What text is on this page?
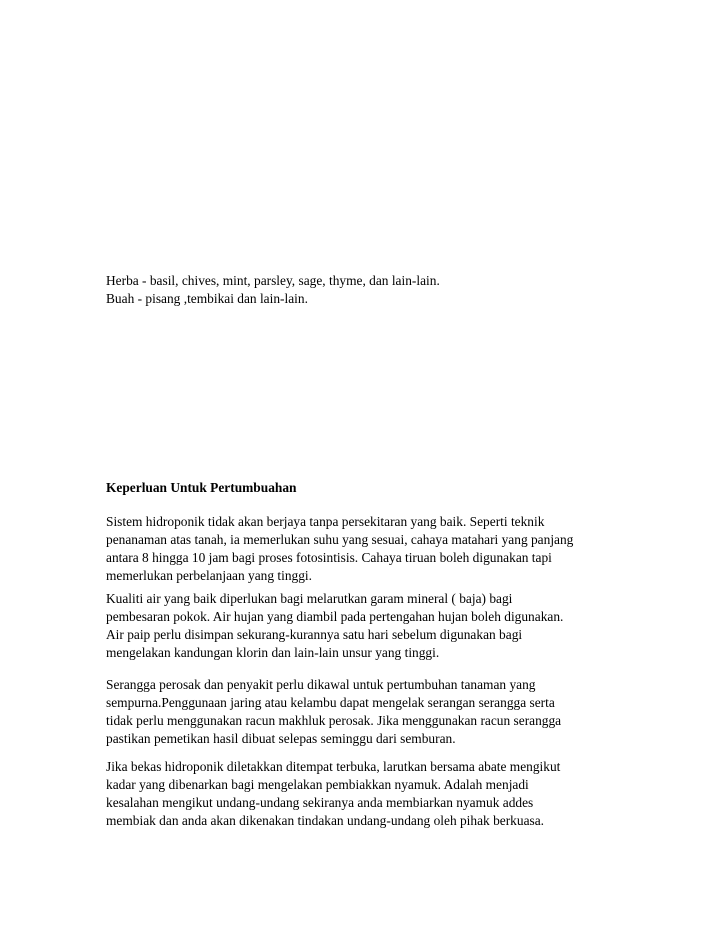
Herba - basil, chives, mint, parsley, sage, thyme, dan lain-lain.
Buah - pisang ,tembikai dan lain-lain.
Keperluan Untuk Pertumbuahan
Sistem hidroponik tidak akan berjaya tanpa persekitaran yang baik. Seperti teknik
penanaman atas tanah, ia memerlukan suhu yang sesuai, cahaya matahari yang panjang
antara 8 hingga 10 jam bagi proses fotosintisis. Cahaya tiruan boleh digunakan tapi
memerlukan perbelanjaan yang tinggi.
Kualiti air yang baik diperlukan bagi melarutkan garam mineral ( baja) bagi
pembesaran pokok. Air hujan yang diambil pada pertengahan hujan boleh digunakan.
Air paip perlu disimpan sekurang-kurannya satu hari sebelum digunakan bagi
mengelakan kandungan klorin dan lain-lain unsur yang tinggi.
Serangga perosak dan penyakit perlu dikawal untuk pertumbuhan tanaman yang
sempurna.Penggunaan jaring atau kelambu dapat mengelak serangan serangga serta
tidak perlu menggunakan racun makhluk perosak. Jika menggunakan racun serangga
pastikan pemetikan hasil dibuat selepas seminggu dari semburan.
Jika bekas hidroponik diletakkan ditempat terbuka, larutkan bersama abate mengikut
kadar yang dibenarkan bagi mengelakan pembiakkan nyamuk. Adalah menjadi
kesalahan mengikut undang-undang sekiranya anda membiarkan nyamuk addes
membiak dan anda akan dikenakan tindakan undang-undang oleh pihak berkuasa.
